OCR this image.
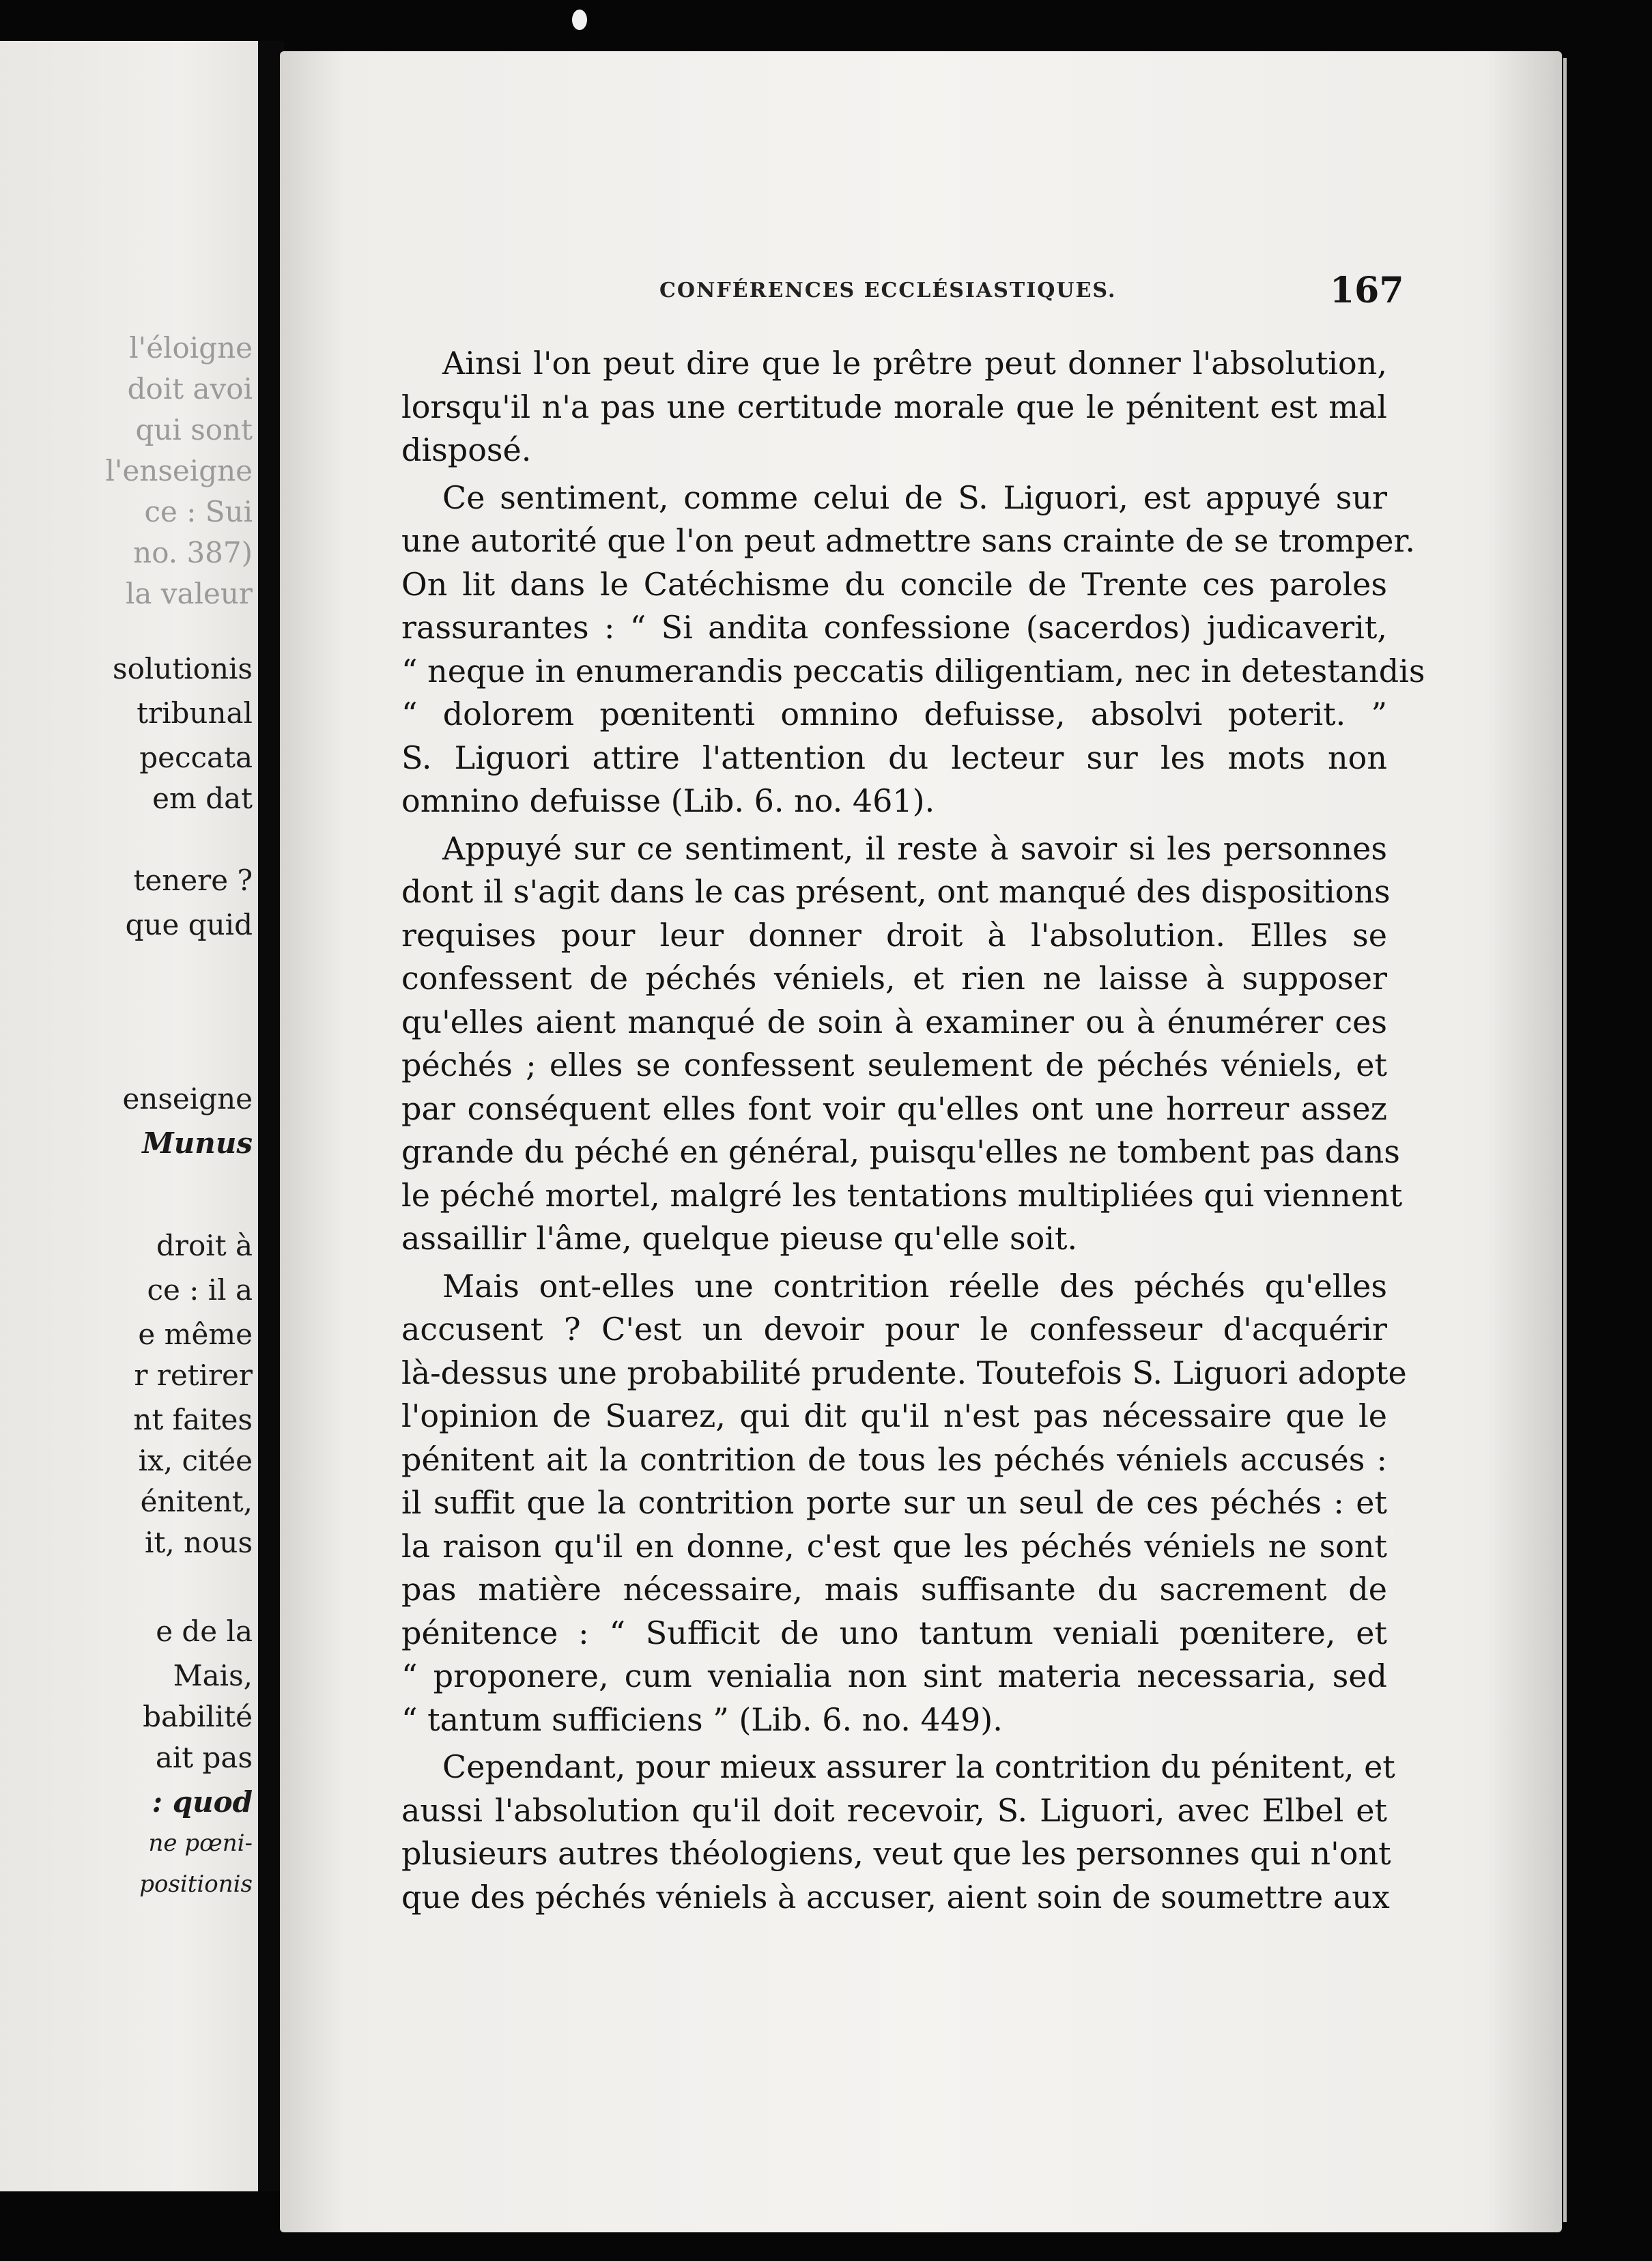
l'éloigne
doit avoi
qui sont
l'enseigne
ce : Sui
no. 387)
la valeur
solutionis
tribunal
peccata
em dat
tenere ?
que quid
enseigne
Munus
droit à
ce : il a
e même
r retirer
nt faites
ix, citée
énitent,
it, nous
e de la
Mais,
babilité
ait pas
: quod
ne pœni-
positionis
CONFÉRENCES ECCLÉSIASTIQUES.	167
Ainsi l'on peut dire que le prêtre peut donner l'absolution,
lorsqu'il n'a pas une certitude morale que le pénitent est mal
disposé.
Ce sentiment, comme celui de S. Liguori, est appuyé sur
une autorité que l'on peut admettre sans crainte de se tromper.
On lit dans le Catéchisme du concile de Trente ces paroles
rassurantes : “ Si andita confessione (sacerdos) judicaverit,
“ neque in enumerandis peccatis diligentiam, nec in detestandis
“ dolorem pœnitenti omnino defuisse, absolvi poterit. ”
S. Liguori attire l'attention du lecteur sur les mots non
omnino defuisse (Lib. 6. no. 461).
Appuyé sur ce sentiment, il reste à savoir si les personnes
dont il s'agit dans le cas présent, ont manqué des dispositions
requises pour leur donner droit à l'absolution. Elles se
confessent de péchés véniels, et rien ne laisse à supposer
qu'elles aient manqué de soin à examiner ou à énumérer ces
péchés ; elles se confessent seulement de péchés véniels, et
par conséquent elles font voir qu'elles ont une horreur assez
grande du péché en général, puisqu'elles ne tombent pas dans
le péché mortel, malgré les tentations multipliées qui viennent
assaillir l'âme, quelque pieuse qu'elle soit.
Mais ont-elles une contrition réelle des péchés qu'elles
accusent ? C'est un devoir pour le confesseur d'acquérir
là-dessus une probabilité prudente. Toutefois S. Liguori adopte
l'opinion de Suarez, qui dit qu'il n'est pas nécessaire que le
pénitent ait la contrition de tous les péchés véniels accusés :
il suffit que la contrition porte sur un seul de ces péchés : et
la raison qu'il en donne, c'est que les péchés véniels ne sont
pas matière nécessaire, mais suffisante du sacrement de
pénitence : “ Sufficit de uno tantum veniali pœnitere, et
“ proponere, cum venialia non sint materia necessaria, sed
“ tantum sufficiens ” (Lib. 6. no. 449).
Cependant, pour mieux assurer la contrition du pénitent, et
aussi l'absolution qu'il doit recevoir, S. Liguori, avec Elbel et
plusieurs autres théologiens, veut que les personnes qui n'ont
que des péchés véniels à accuser, aient soin de soumettre aux
